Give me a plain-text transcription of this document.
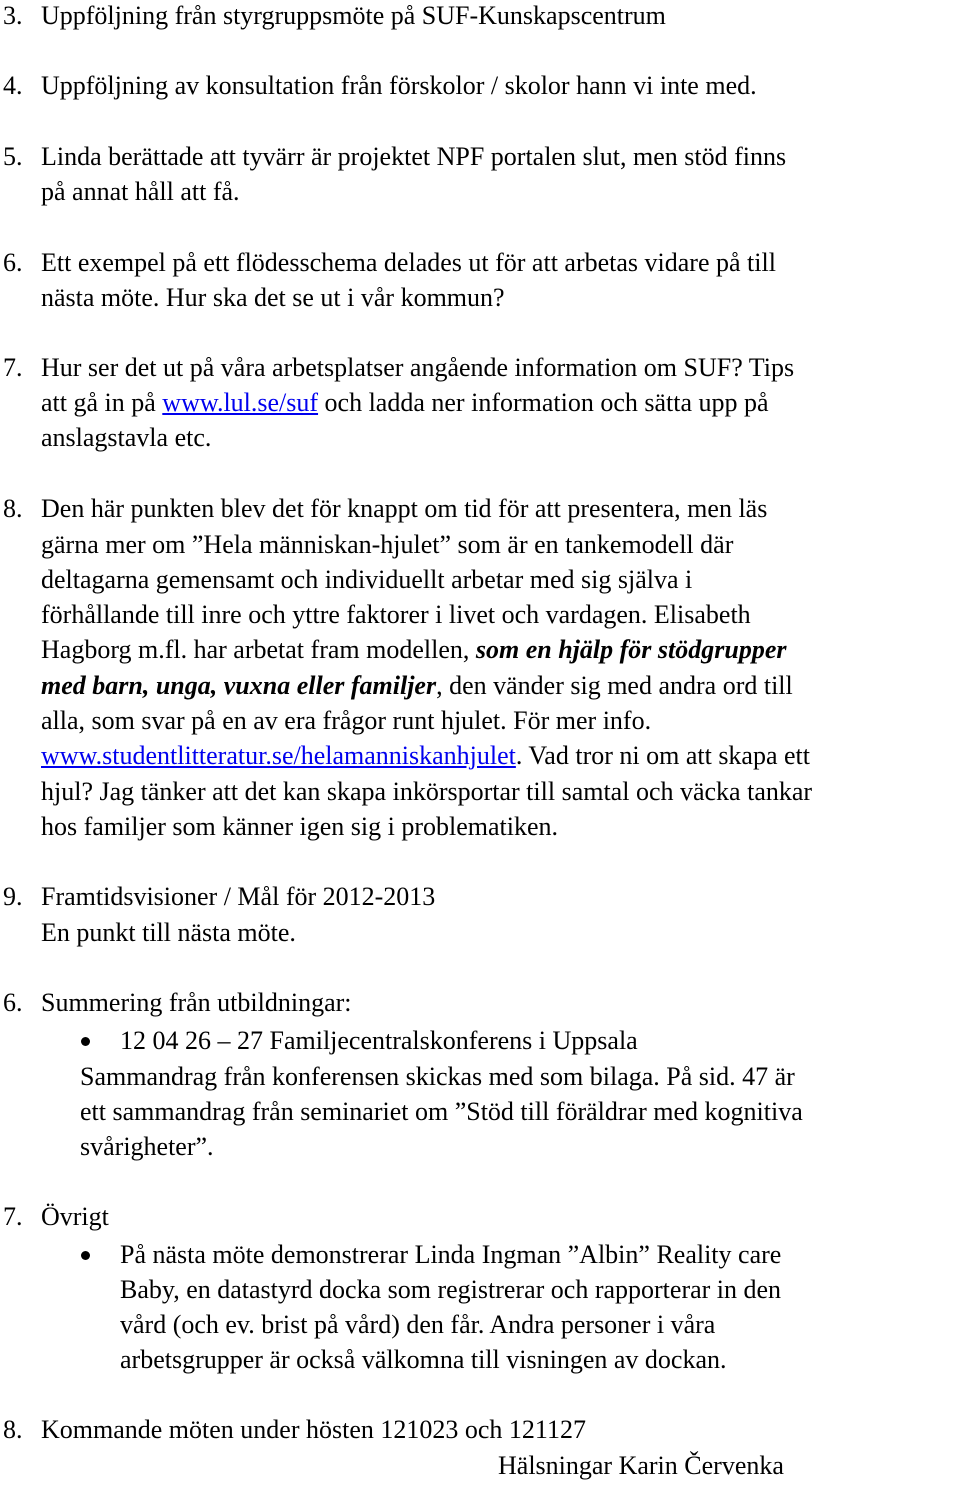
3. Uppföljning från styrgruppsmöte på SUF-Kunskapscentrum
4. Uppföljning av konsultation från förskolor / skolor hann vi inte med.
5. Linda berättade att tyvärr är projektet NPF portalen slut, men stöd finns
på annat håll att få.
6. Ett exempel på ett flödesschema delades ut för att arbetas vidare på till
nästa möte. Hur ska det se ut i vår kommun?
7. Hur ser det ut på våra arbetsplatser angående information om SUF? Tips
att gå in på www.lul.se/suf och ladda ner information och sätta upp på
anslagstavla etc.
8. Den här punkten blev det för knappt om tid för att presentera, men läs
gärna mer om ”Hela människan-hjulet” som är en tankemodell där
deltagarna gemensamt och individuellt arbetar med sig själva i
förhållande till inre och yttre faktorer i livet och vardagen. Elisabeth
Hagborg m.fl. har arbetat fram modellen, som en hjälp för stödgrupper
med barn, unga, vuxna eller familjer, den vänder sig med andra ord till
alla, som svar på en av era frågor runt hjulet. För mer info.
www.studentlitteratur.se/helamanniskanhjulet. Vad tror ni om att skapa ett
hjul? Jag tänker att det kan skapa inkörsportar till samtal och väcka tankar
hos familjer som känner igen sig i problematiken.
9. Framtidsvisioner / Mål för 2012-2013
En punkt till nästa möte.
6. Summering från utbildningar:
12 04 26 – 27 Familjecentralskonferens i Uppsala
Sammandrag från konferensen skickas med som bilaga. På sid. 47 är
ett sammandrag från seminariet om ”Stöd till föräldrar med kognitiva
svårigheter”.
7. Övrigt
På nästa möte demonstrerar Linda Ingman ”Albin” Reality care
Baby, en datastyrd docka som registrerar och rapporterar in den
vård (och ev. brist på vård) den får. Andra personer i våra
arbetsgrupper är också välkomna till visningen av dockan.
8. Kommande möten under hösten 121023 och 121127
Hälsningar Karin Červenka
